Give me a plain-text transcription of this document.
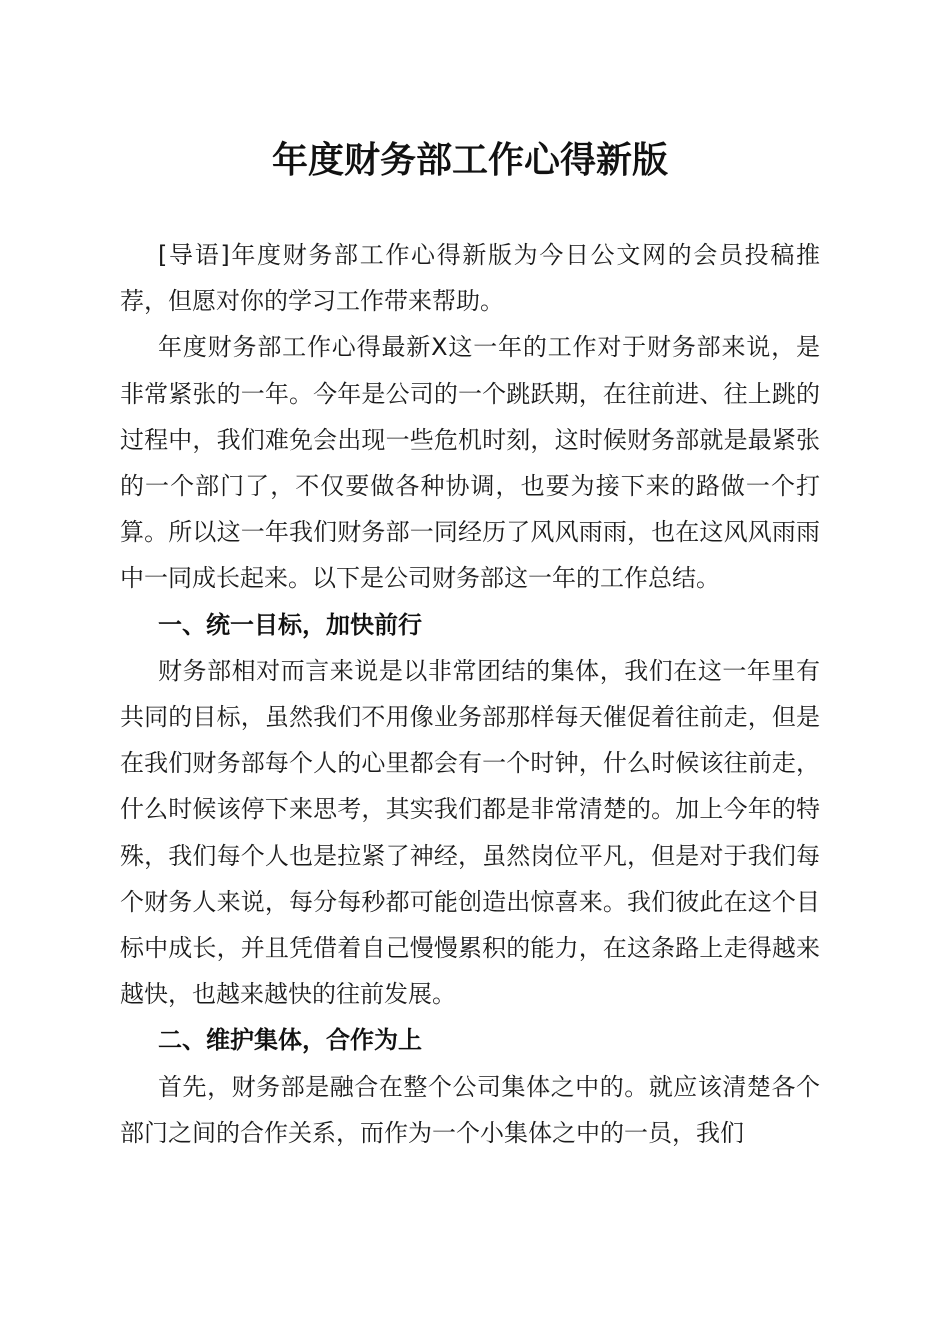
年度财务部工作心得新版

[导语]年度财务部工作心得新版为今日公文网的会员投稿推荐，但愿对你的学习工作带来帮助。

年度财务部工作心得最新X这一年的工作对于财务部来说，是非常紧张的一年。今年是公司的一个跳跃期，在往前进、往上跳的过程中，我们难免会出现一些危机时刻，这时候财务部就是最紧张的一个部门了，不仅要做各种协调，也要为接下来的路做一个打算。所以这一年我们财务部一同经历了风风雨雨，也在这风风雨雨中一同成长起来。以下是公司财务部这一年的工作总结。

一、统一目标，加快前行

财务部相对而言来说是以非常团结的集体，我们在这一年里有共同的目标，虽然我们不用像业务部那样每天催促着往前走，但是在我们财务部每个人的心里都会有一个时钟，什么时候该往前走，什么时候该停下来思考，其实我们都是非常清楚的。加上今年的特殊，我们每个人也是拉紧了神经，虽然岗位平凡，但是对于我们每个财务人来说，每分每秒都可能创造出惊喜来。我们彼此在这个目标中成长，并且凭借着自己慢慢累积的能力，在这条路上走得越来越快，也越来越快的往前发展。

二、维护集体，合作为上

首先，财务部是融合在整个公司集体之中的。就应该清楚各个部门之间的合作关系，而作为一个小集体之中的一员，我们
